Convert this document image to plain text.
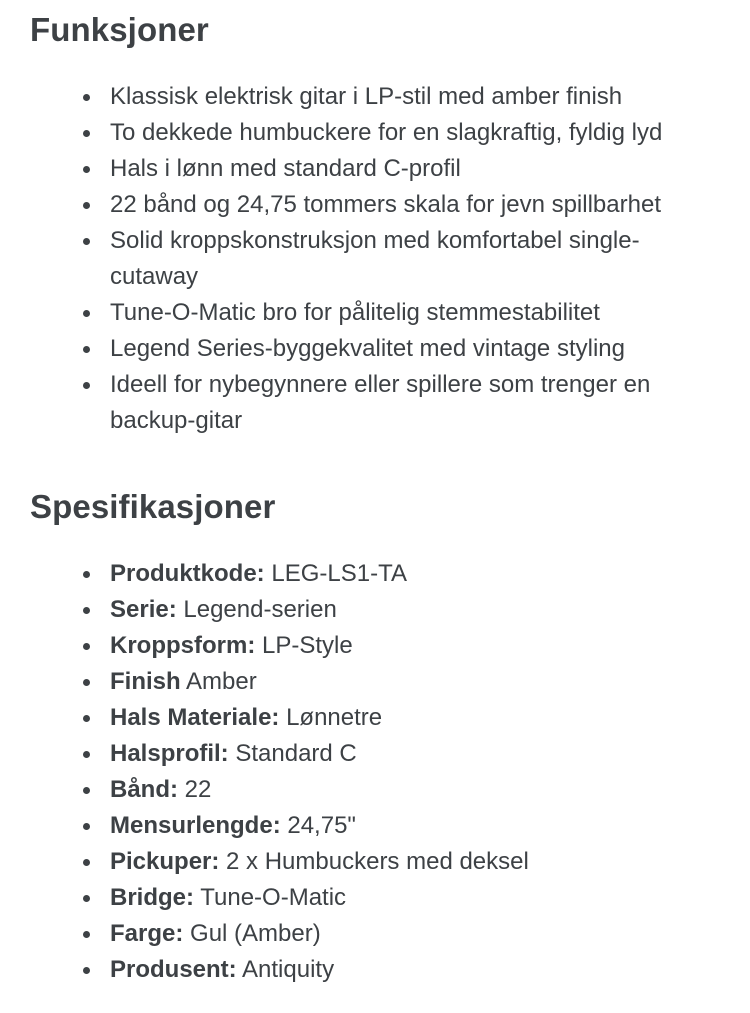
Funksjoner
Klassisk elektrisk gitar i LP-stil med amber finish
To dekkede humbuckere for en slagkraftig, fyldig lyd
Hals i lønn med standard C-profil
22 bånd og 24,75 tommers skala for jevn spillbarhet
Solid kroppskonstruksjon med komfortabel single-cutaway
Tune-O-Matic bro for pålitelig stemmestabilitet
Legend Series-byggekvalitet med vintage styling
Ideell for nybegynnere eller spillere som trenger en backup-gitar
Spesifikasjoner
Produktkode: LEG-LS1-TA
Serie: Legend-serien
Kroppsform: LP-Style
Finish Amber
Hals Materiale: Lønnetre
Halsprofil: Standard C
Bånd: 22
Mensurlengde: 24,75"
Pickuper: 2 x Humbuckers med deksel
Bridge: Tune-O-Matic
Farge: Gul (Amber)
Produsent: Antiquity
